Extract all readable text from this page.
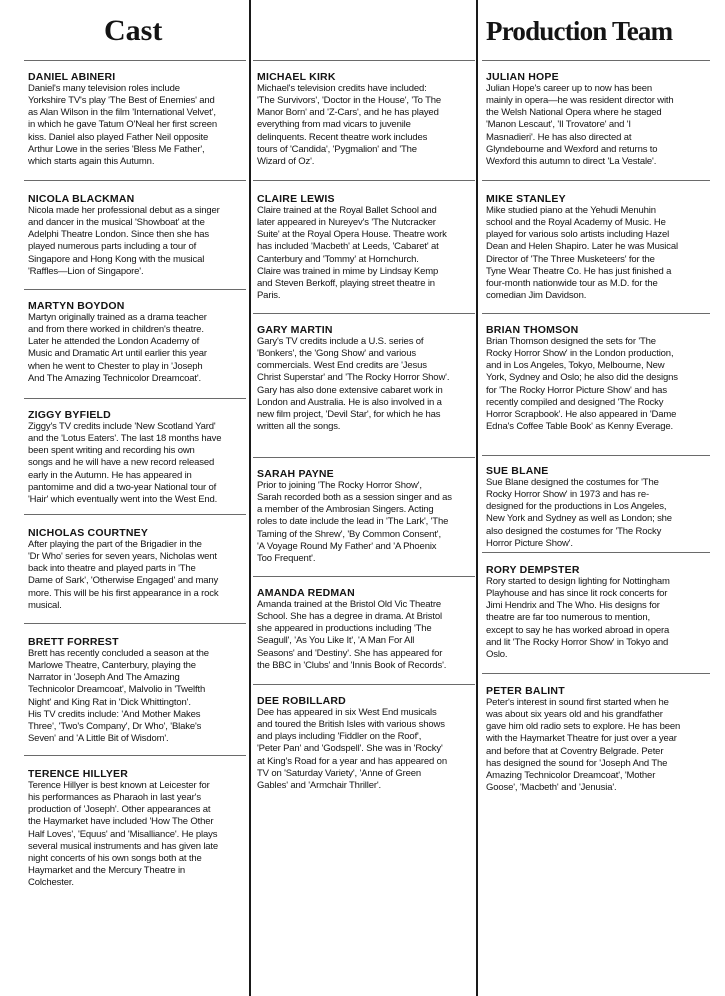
Cast

DANIEL ABINERI

Daniel's many television roles include
Yorkshire TV's play 'The Best of Enemies' and
as Alan Wilson in the film 'International Velvet',
in which he gave Tatum O'Neal her first screen
kiss. Daniel also played Father Neil opposite
Arthur Lowe in the series 'Bless Me Father',
which starts again this Autumn.

NICOLA BLACKMAN

Nicola made her professional debut as a singer
and dancer in the musical 'Showboat' at the
Adelphi Theatre London. Since then she has
played numerous parts including a tour of
Singapore and Hong Kong with the musical
'Raffles—Lion of Singapore'.

MARTYN BOYDON

Martyn originally trained as a drama teacher
and from there worked in children's theatre.
Later he attended the London Academy of
Music and Dramatic Art until earlier this year
when he went to Chester to play in 'Joseph
And The Amazing Technicolor Dreamcoat'.

ZIGGY BYFIELD

Ziggy's TV credits include 'New Scotland Yard'
and the 'Lotus Eaters'. The last 18 months have
been spent writing and recording his own
songs and he will have a new record released
early in the Autumn. He has appeared in
pantomime and did a two-year National tour of
'Hair' which eventually went into the West End.

NICHOLAS COURTNEY

After playing the part of the Brigadier in the
'Dr Who' series for seven years, Nicholas went
back into theatre and played parts in 'The
Dame of Sark', 'Otherwise Engaged' and many
more. This will be his first appearance in a rock
musical.

BRETT FORREST

Brett has recently concluded a season at the
Marlowe Theatre, Canterbury, playing the
Narrator in 'Joseph And The Amazing
Technicolor Dreamcoat', Malvolio in 'Twelfth
Night' and King Rat in 'Dick Whittington'.
His TV credits include: 'And Mother Makes
Three', 'Two's Company', Dr Who', 'Blake's
Seven' and 'A Little Bit of Wisdom'.

TERENCE HILLYER

Terence Hillyer is best known at Leicester for
his performances as Pharaoh in last year's
production of 'Joseph'. Other appearances at
the Haymarket have included 'How The Other
Half Loves', 'Equus' and 'Misalliance'. He plays
several musical instruments and has given late
night concerts of his own songs both at the
Haymarket and the Mercury Theatre in
Colchester.

MICHAEL KIRK

Michael's television credits have included:
'The Survivors', 'Doctor in the House', 'To The
Manor Born' and 'Z-Cars', and he has played
everything from mad vicars to juvenile
delinquents. Recent theatre work includes
tours of 'Candida', 'Pygmalion' and 'The
Wizard of Oz'.

CLAIRE LEWIS

Claire trained at the Royal Ballet School and
later appeared in Nureyev's 'The Nutcracker
Suite' at the Royal Opera House. Theatre work
has included 'Macbeth' at Leeds, 'Cabaret' at
Canterbury and 'Tommy' at Hornchurch.
Claire was trained in mime by Lindsay Kemp
and Steven Berkoff, playing street theatre in
Paris.

GARY MARTIN

Gary's TV credits include a U.S. series of
'Bonkers', the 'Gong Show' and various
commercials. West End credits are 'Jesus
Christ Superstar' and 'The Rocky Horror Show'.
Gary has also done extensive cabaret work in
London and Australia. He is also involved in a
new film project, 'Devil Star', for which he has
written all the songs.

SARAH PAYNE

Prior to joining 'The Rocky Horror Show',
Sarah recorded both as a session singer and as
a member of the Ambrosian Singers. Acting
roles to date include the lead in 'The Lark', 'The
Taming of the Shrew', 'By Common Consent',
'A Voyage Round My Father' and 'A Phoenix
Too Frequent'.

AMANDA REDMAN

Amanda trained at the Bristol Old Vic Theatre
School. She has a degree in drama. At Bristol
she appeared in productions including 'The
Seagull', 'As You Like It', 'A Man For All
Seasons' and 'Destiny'. She has appeared for
the BBC in 'Clubs' and 'Innis Book of Records'.

DEE ROBILLARD

Dee has appeared in six West End musicals
and toured the British Isles with various shows
and plays including 'Fiddler on the Roof',
'Peter Pan' and 'Godspell'. She was in 'Rocky'
at King's Road for a year and has appeared on
TV on 'Saturday Variety', 'Anne of Green
Gables' and 'Armchair Thriller'.

Production Team

JULIAN HOPE

Julian Hope's career up to now has been
mainly in opera—he was resident director with
the Welsh National Opera where he staged
'Manon Lescaut', 'Il Trovatore' and 'I
Masnadieri'. He has also directed at
Glyndebourne and Wexford and returns to
Wexford this autumn to direct 'La Vestale'.

MIKE STANLEY

Mike studied piano at the Yehudi Menuhin
school and the Royal Academy of Music. He
played for various solo artists including Hazel
Dean and Helen Shapiro. Later he was Musical
Director of 'The Three Musketeers' for the
Tyne Wear Theatre Co. He has just finished a
four-month nationwide tour as M.D. for the
comedian Jim Davidson.

BRIAN THOMSON

Brian Thomson designed the sets for 'The
Rocky Horror Show' in the London production,
and in Los Angeles, Tokyo, Melbourne, New
York, Sydney and Oslo; he also did the designs
for 'The Rocky Horror Picture Show' and has
recently compiled and designed 'The Rocky
Horror Scrapbook'. He also appeared in 'Dame
Edna's Coffee Table Book' as Kenny Everage.

SUE BLANE

Sue Blane designed the costumes for 'The
Rocky Horror Show' in 1973 and has re-
designed for the productions in Los Angeles,
New York and Sydney as well as London; she
also designed the costumes for 'The Rocky
Horror Picture Show'.

RORY DEMPSTER

Rory started to design lighting for Nottingham
Playhouse and has since lit rock concerts for
Jimi Hendrix and The Who. His designs for
theatre are far too numerous to mention,
except to say he has worked abroad in opera
and lit 'The Rocky Horror Show' in Tokyo and
Oslo.

PETER BALINT

Peter's interest in sound first started when he
was about six years old and his grandfather
gave him old radio sets to explore. He has been
with the Haymarket Theatre for just over a year
and before that at Coventry Belgrade. Peter
has designed the sound for 'Joseph And The
Amazing Technicolor Dreamcoat', 'Mother
Goose', 'Macbeth' and 'Jenusia'.
